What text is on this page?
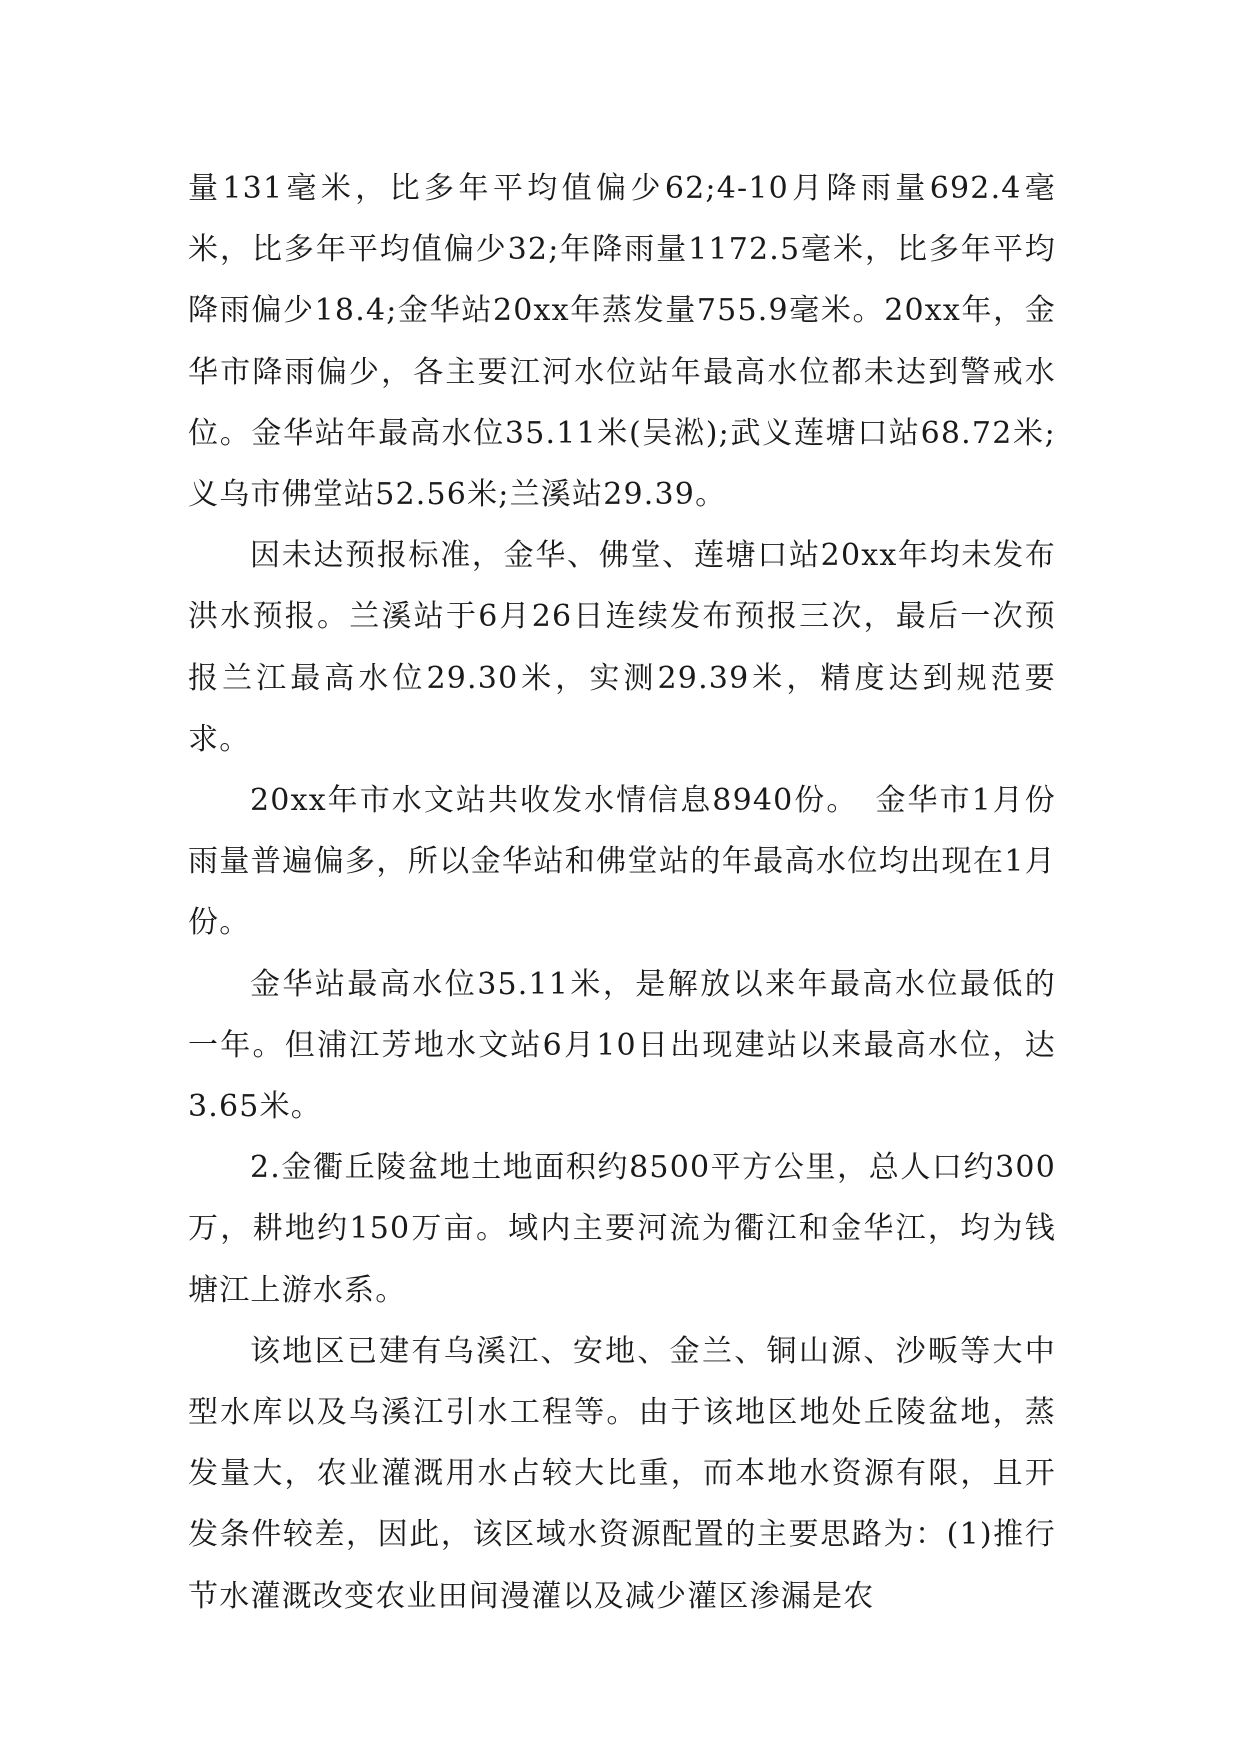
量131毫米，比多年平均值偏少62;4-10月降雨量692.4毫米，比多年平均值偏少32;年降雨量1172.5毫米，比多年平均降雨偏少18.4;金华站20xx年蒸发量755.9毫米。20xx年，金华市降雨偏少，各主要江河水位站年最高水位都未达到警戒水位。金华站年最高水位35.11米(吴淞);武义莲塘口站68.72米;义乌市佛堂站52.56米;兰溪站29.39。

因未达预报标准，金华、佛堂、莲塘口站20xx年均未发布洪水预报。兰溪站于6月26日连续发布预报三次，最后一次预报兰江最高水位29.30米，实测29.39米，精度达到规范要求。

20xx年市水文站共收发水情信息8940份。　金华市1月份雨量普遍偏多，所以金华站和佛堂站的年最高水位均出现在1月份。

金华站最高水位35.11米，是解放以来年最高水位最低的一年。但浦江芳地水文站6月10日出现建站以来最高水位，达3.65米。

2.金衢丘陵盆地土地面积约8500平方公里，总人口约300万，耕地约150万亩。域内主要河流为衢江和金华江，均为钱塘江上游水系。

该地区已建有乌溪江、安地、金兰、铜山源、沙畈等大中型水库以及乌溪江引水工程等。由于该地区地处丘陵盆地，蒸发量大，农业灌溉用水占较大比重，而本地水资源有限，且开发条件较差，因此，该区域水资源配置的主要思路为：(1)推行节水灌溉改变农业田间漫灌以及减少灌区渗漏是农
